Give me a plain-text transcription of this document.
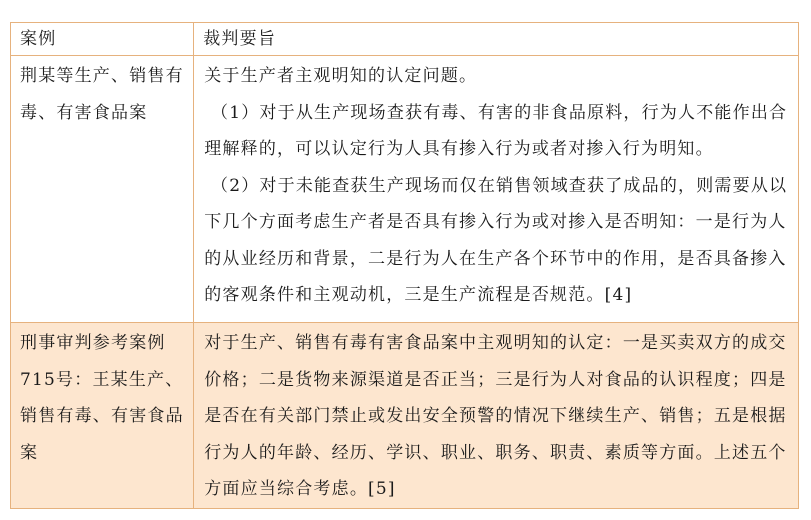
案例	裁判要旨

荆某等生产、销售有毒、有害食品案	关于生产者主观明知的认定问题。

（1）对于从生产现场查获有毒、有害的非食品原料，行为人不能作出合理解释的，可以认定行为人具有掺入行为或者对掺入行为明知。

（2）对于未能查获生产现场而仅在销售领域查获了成品的，则需要从以下几个方面考虑生产者是否具有掺入行为或对掺入是否明知：一是行为人的从业经历和背景，二是行为人在生产各个环节中的作用，是否具备掺入的客观条件和主观动机，三是生产流程是否规范。[4]

刑事审判参考案例715号：王某生产、销售有毒、有害食品案	对于生产、销售有毒有害食品案中主观明知的认定：一是买卖双方的成交价格；二是货物来源渠道是否正当；三是行为人对食品的认识程度；四是是否在有关部门禁止或发出安全预警的情况下继续生产、销售；五是根据行为人的年龄、经历、学识、职业、职务、职责、素质等方面。上述五个方面应当综合考虑。[5]
